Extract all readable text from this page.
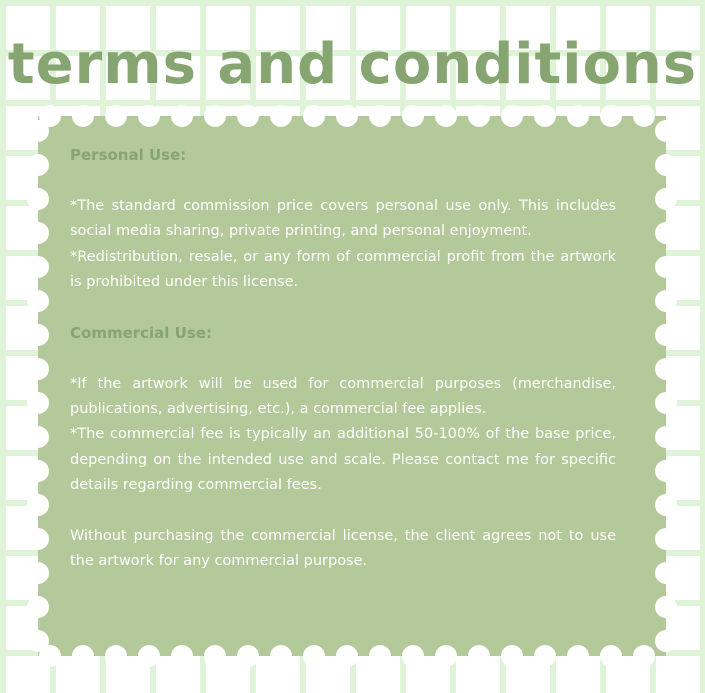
terms and conditions

Personal Use:

*The standard commission price covers personal use only. This includes social media sharing, private printing, and personal enjoyment.

*Redistribution, resale, or any form of commercial profit from the artwork is prohibited under this license.

Commercial Use:

*If the artwork will be used for commercial purposes (merchandise, publications, advertising, etc.), a commercial fee applies.

*The commercial fee is typically an additional 50-100% of the base price, depending on the intended use and scale. Please contact me for specific details regarding commercial fees.

Without purchasing the commercial license, the client agrees not to use the artwork for any commercial purpose.
